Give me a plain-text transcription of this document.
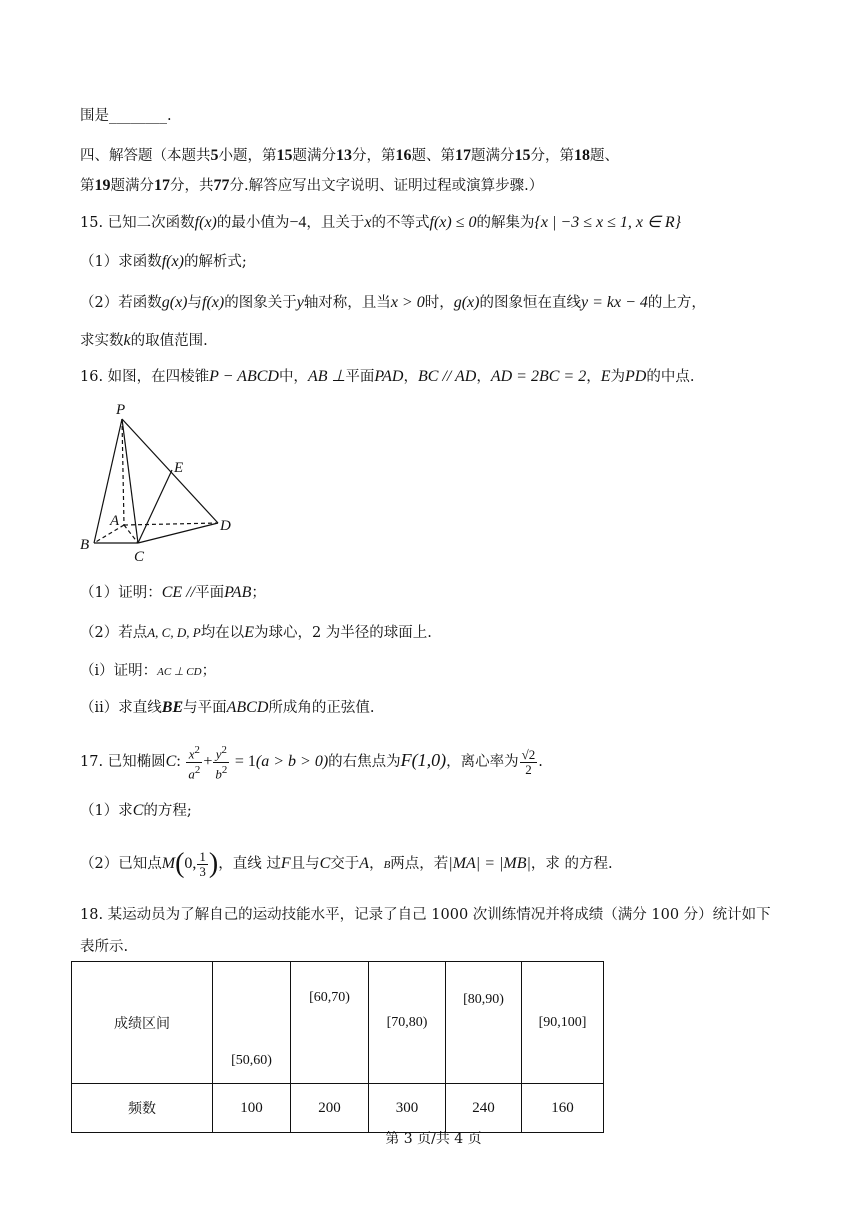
围是________.
四、解答题（本题共5小题，第15题满分13分，第16题、第17题满分15分，第18题、
第19题满分17分，共77分.解答应写出文字说明、证明过程或演算步骤.）
15. 已知二次函数f(x)的最小值为−4，且关于x的不等式f(x) ≤ 0的解集为{x | −3 ≤ x ≤ 1, x ∈ R}
（1）求函数f(x)的解析式;
（2）若函数g(x)与f(x)的图象关于y轴对称，且当x > 0时，g(x)的图象恒在直线y = kx − 4的上方，
求实数k的取值范围.
16. 如图，在四棱锥P − ABCD中，AB ⊥平面PAD，BC // AD，AD = 2BC = 2，E为PD的中点.
P
E
A	D
B
C
（1）证明：CE //平面PAB；
（2）若点A, C, D, P均在以E为球心，2 为半径的球面上.
（i）证明：AC ⊥ CD；
（ii）求直线BE与平面ABCD所成角的正弦值.
17. 已知椭圆C: $\frac{x^2}{a^2} + \frac{y^2}{b^2} = 1(a > b > 0)$的右焦点为F(1,0)，离心率为 $\frac{√2}{2}$ .
（1）求C的方程;
（2）已知点M(0, $\frac{1}{3}$ )，直线 过F且与C交于A，B两点，若|MA| = |MB|，求 的方程.
18. 某运动员为了解自己的运动技能水平，记录了自己 1000 次训练情况并将成绩（满分 100 分）统计如下
表所示.
成绩区间	[50,60)	[60,70)	[70,80)	[80,90)	[90,100]
频数	100	200	300	240	160
第 3 页/共 4 页
